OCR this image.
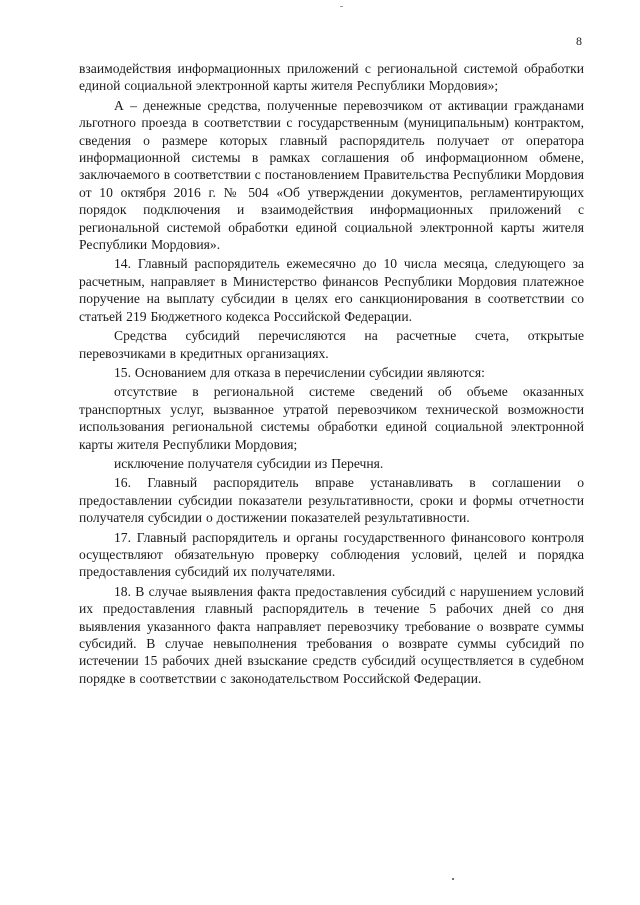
8

взаимодействия информационных приложений с региональной системой обработки единой социальной электронной карты жителя Республики Мордовия»;

А – денежные средства, полученные перевозчиком от активации гражданами льготного проезда в соответствии с государственным (муниципальным) контрактом, сведения о размере которых главный распорядитель получает от оператора информационной системы в рамках соглашения об информационном обмене, заключаемого в соответствии с постановлением Правительства Республики Мордовия от 10 октября 2016 г. № 504 «Об утверждении документов, регламентирующих порядок подключения и взаимодействия информационных приложений с региональной системой обработки единой социальной электронной карты жителя Республики Мордовия».

14. Главный распорядитель ежемесячно до 10 числа месяца, следующего за расчетным, направляет в Министерство финансов Республики Мордовия платежное поручение на выплату субсидии в целях его санкционирования в соответствии со статьей 219 Бюджетного кодекса Российской Федерации.

Средства субсидий перечисляются на расчетные счета, открытые перевозчиками в кредитных организациях.

15. Основанием для отказа в перечислении субсидии являются:

отсутствие в региональной системе сведений об объеме оказанных транспортных услуг, вызванное утратой перевозчиком технической возможности использования региональной системы обработки единой социальной электронной карты жителя Республики Мордовия;

исключение получателя субсидии из Перечня.

16. Главный распорядитель вправе устанавливать в соглашении о предоставлении субсидии показатели результативности, сроки и формы отчетности получателя субсидии о достижении показателей результативности.

17. Главный распорядитель и органы государственного финансового контроля осуществляют обязательную проверку соблюдения условий, целей и порядка предоставления субсидий их получателями.

18. В случае выявления факта предоставления субсидий с нарушением условий их предоставления главный распорядитель в течение 5 рабочих дней со дня выявления указанного факта направляет перевозчику требование о возврате суммы субсидий. В случае невыполнения требования о возврате суммы субсидий по истечении 15 рабочих дней взыскание средств субсидий осуществляется в судебном порядке в соответствии с законодательством Российской Федерации.
